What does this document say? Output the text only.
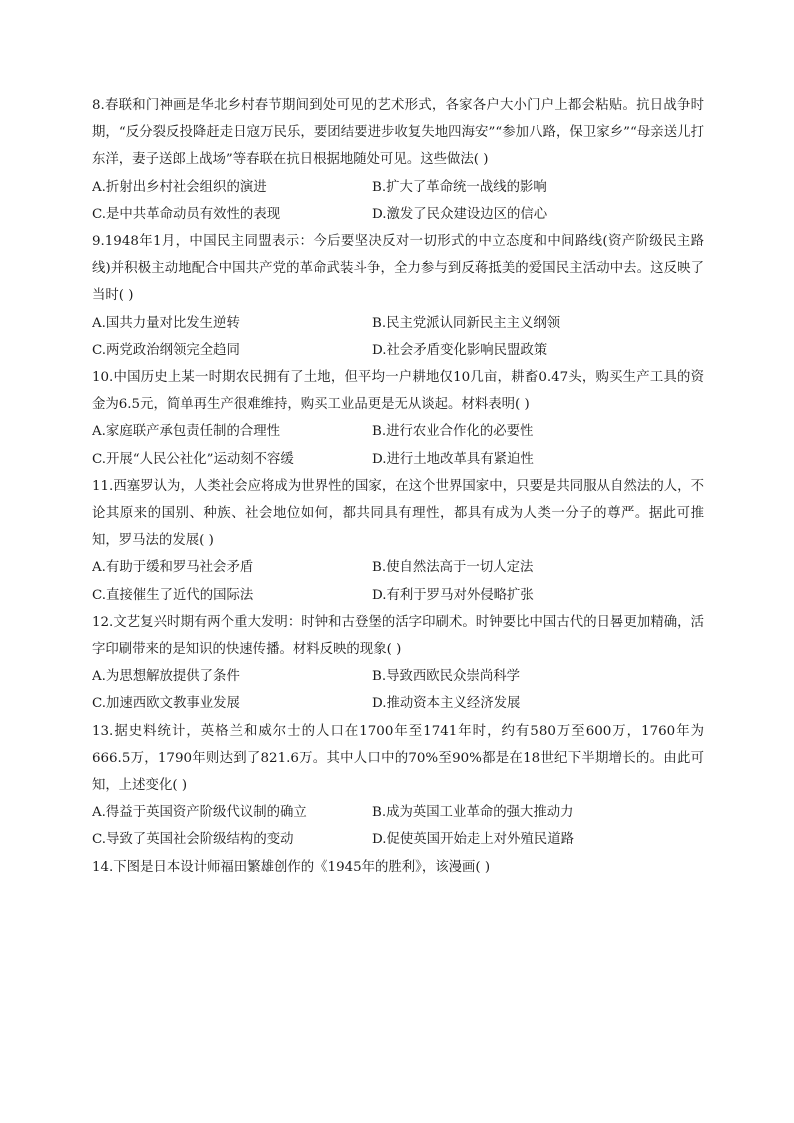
8.春联和门神画是华北乡村春节期间到处可见的艺术形式，各家各户大小门户上都会粘贴。抗日战争时期，“反分裂反投降赶走日寇万民乐，要团结要进步收复失地四海安”“参加八路，保卫家乡”“母亲送儿打东洋，妻子送郎上战场”等春联在抗日根据地随处可见。这些做法( )

A.折射出乡村社会组织的演进	B.扩大了革命统一战线的影响
C.是中共革命动员有效性的表现	D.激发了民众建设边区的信心

9.1948年1月，中国民主同盟表示：今后要坚决反对一切形式的中立态度和中间路线(资产阶级民主路线)并积极主动地配合中国共产党的革命武装斗争，全力参与到反蒋抵美的爱国民主活动中去。这反映了当时( )

A.国共力量对比发生逆转	B.民主党派认同新民主主义纲领
C.两党政治纲领完全趋同	D.社会矛盾变化影响民盟政策

10.中国历史上某一时期农民拥有了土地，但平均一户耕地仅10几亩，耕畜0.47头，购买生产工具的资金为6.5元，简单再生产很难维持，购买工业品更是无从谈起。材料表明( )

A.家庭联产承包责任制的合理性	B.进行农业合作化的必要性
C.开展“人民公社化”运动刻不容缓	D.进行土地改革具有紧迫性

11.西塞罗认为，人类社会应将成为世界性的国家，在这个世界国家中，只要是共同服从自然法的人，不论其原来的国别、种族、社会地位如何，都共同具有理性，都具有成为人类一分子的尊严。据此可推知，罗马法的发展( )

A.有助于缓和罗马社会矛盾	B.使自然法高于一切人定法
C.直接催生了近代的国际法	D.有利于罗马对外侵略扩张

12.文艺复兴时期有两个重大发明：时钟和古登堡的活字印刷术。时钟要比中国古代的日晷更加精确，活字印刷带来的是知识的快速传播。材料反映的现象( )

A.为思想解放提供了条件	B.导致西欧民众崇尚科学
C.加速西欧文教事业发展	D.推动资本主义经济发展

13.据史料统计，英格兰和威尔士的人口在1700年至1741年时，约有580万至600万，1760年为666.5万，1790年则达到了821.6万。其中人口中的70%至90%都是在18世纪下半期增长的。由此可知，上述变化( )

A.得益于英国资产阶级代议制的确立	B.成为英国工业革命的强大推动力
C.导致了英国社会阶级结构的变动	D.促使英国开始走上对外殖民道路

14.下图是日本设计师福田繁雄创作的《1945年的胜利》，该漫画( )
